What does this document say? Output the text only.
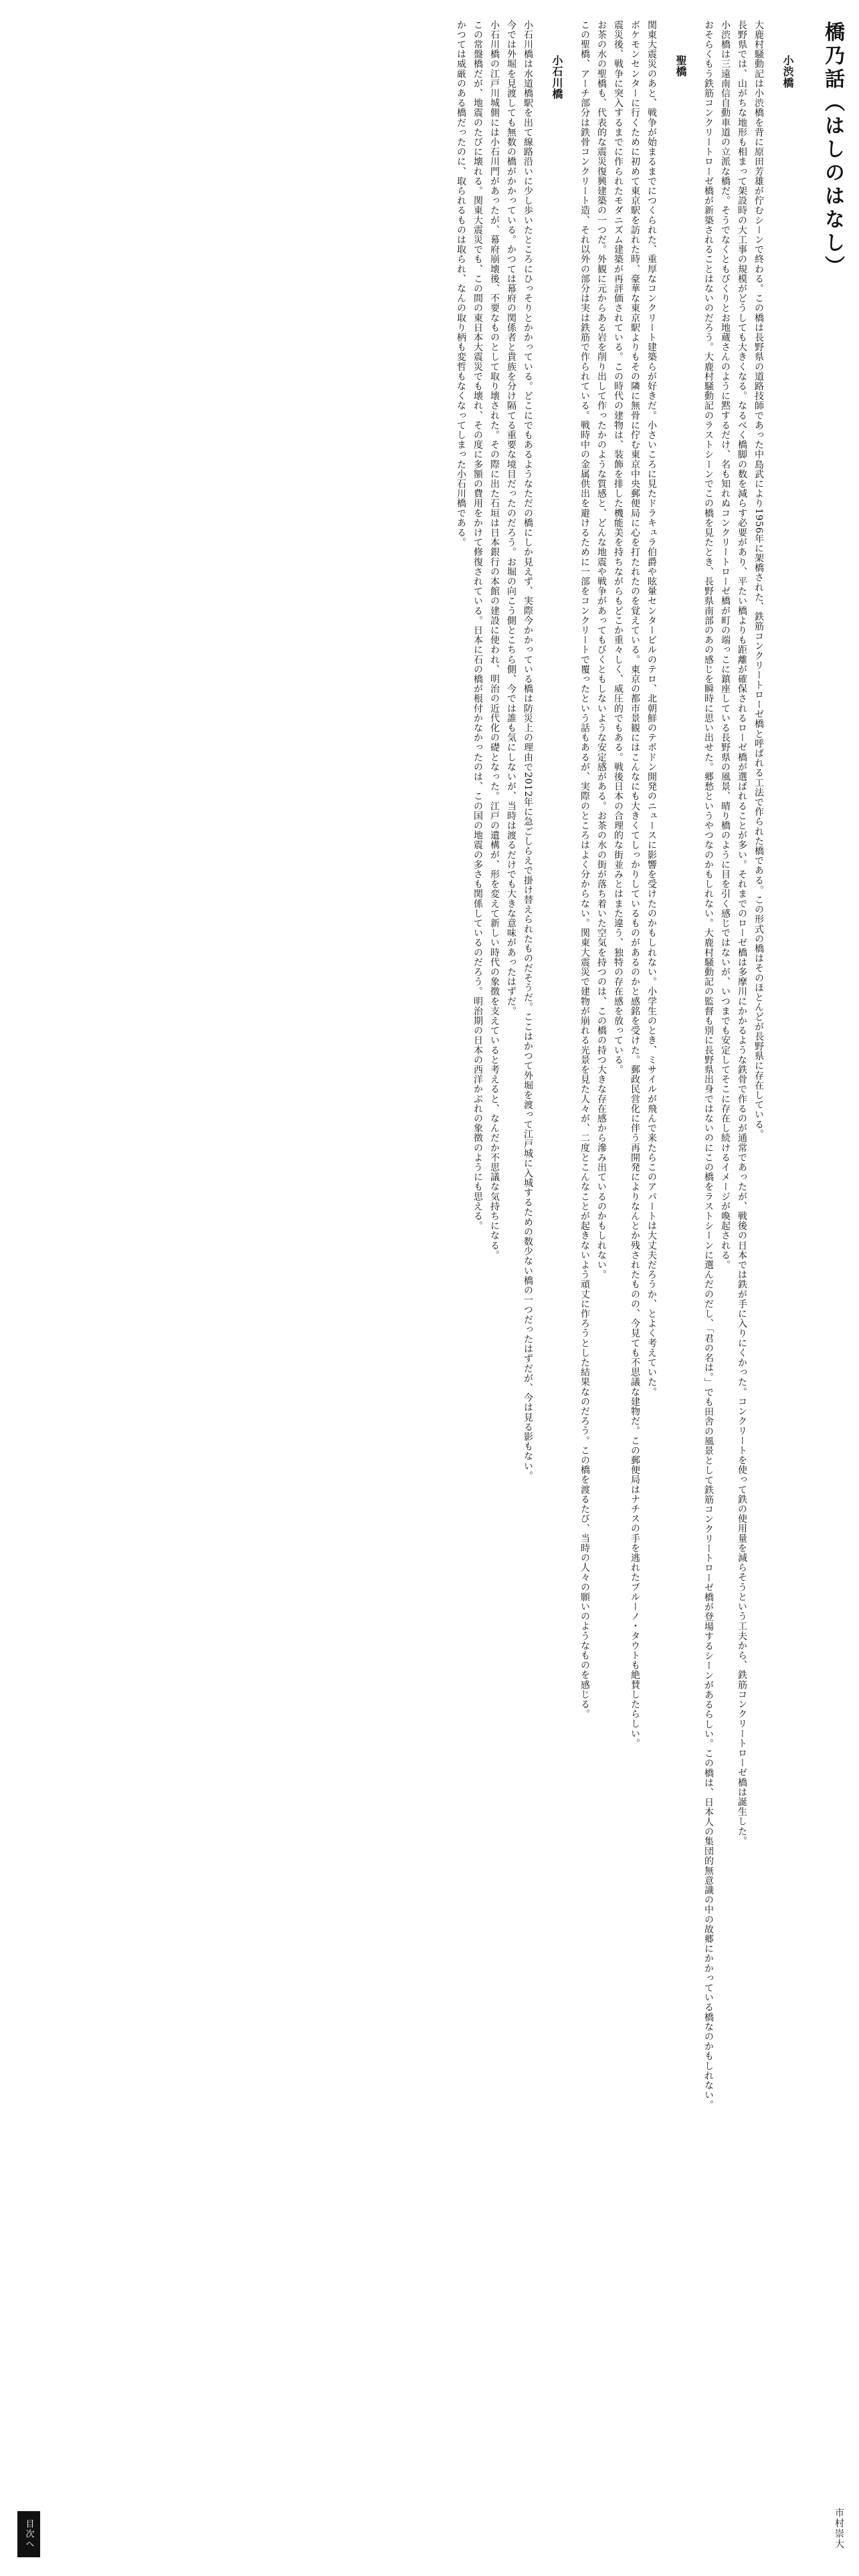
橋乃話（はしのはなし）
小渋橋

大鹿村騒動記は小渋橋を背に原田芳雄が佇むシーンで終わる。この橋は長野県の道路技師であった中島武により1956年に架橋された、鉄筋コンクリートローゼ橋と呼ばれる工法で作られた橋である。この形式の橋はそのほとんどが長野県に存在している。

長野県では、山がちな地形も相まって架設時の大工事の規模がどうしても大きくなる。なるべく橋脚の数を減らす必要があり、平たい橋よりも距離が確保されるローゼ橋が選ばれることが多い。それまでのローゼ橋は多摩川にかかるような鉄骨で作るのが通常であったが、戦後の日本では鉄が手に入りにくかった。コンクリートを使って鉄の使用量を減らそうという工夫から、鉄筋コンクリートローゼ橋は誕生した。

小渋橋は三遠南信自動車道の立派な橋だ。そうでなくともびくりとお地蔵さんのように黙するだけ、名も知れぬコンクリートローゼ橋が町の端っこに鎮座している長野県の風景、晴り橋のように目を引く感じではないが、いつまでも安定してそこに存在し続けるイメージが喚起される。

おそらくもう鉄筋コンクリートローゼ橋が新築されることはないのだろう。大鹿村騒動記のラストシーンでこの橋を見たとき、長野県南部のあの感じを瞬時に思い出せた。郷愁というやつなのかもしれない。大鹿村騒動記の監督も別に長野県出身ではないのにこの橋をラストシーンに選んだのだし、「君の名は。」でも田舎の風景として鉄筋コンクリートローゼ橋が登場するシーンがあるらしい。この橋は、日本人の集団的無意識の中の故郷にかかっている橋なのかもしれない。

聖橋

関東大震災のあと、戦争が始まるまでにつくられた、重厚なコンクリート建築らが好きだ。小さいころに見たドラキュラ伯爵や眩暈センタービルのテロ、北朝鮮のテポドン開発のニュースに影響を受けたのかもしれない。小学生のとき、ミサイルが飛んで来たらこのアパートは大丈夫だろうか、とよく考えていた。

ボケモンセンターに行くために初めて東京駅を訪れた時、豪華な東京駅よりもその隣に無骨に佇む東京中央郵便局に心を打たれたのを覚えている。東京の都市景観にはこんなにも大きくてしっかりしているものがあるのかと感銘を受けた。郵政民営化に伴う再開発によりなんとか残されたものの、今見ても不思議な建物だ。この郵便局はナチスの手を逃れたブルーノ・タウトも絶賛したらしい。

震災後、戦争に突入するまでに作られたモダニズム建築が再評価されている。この時代の建物は、装飾を排した機能美を持ちながらもどこか重々しく、威圧的でもある。戦後日本の合理的な街並みとはまた違う、独特の存在感を放っている。

お茶の水の聖橋も、代表的な震災復興建築の一つだ。外観に元からある岩を削り出して作ったかのような質感と、どんな地震や戦争があってもびくともしないような安定感がある。お茶の水の街が落ち着いた空気を持つのは、この橋の持つ大きな存在感から滲み出ているのかもしれない。

この聖橋、アーチ部分は鉄骨コンクリート造、それ以外の部分は実は鉄筋で作られている。戦時中の金属供出を避けるために一部をコンクリートで覆ったという話もあるが、実際のところはよく分からない。関東大震災で建物が崩れる光景を見た人々が、二度とこんなことが起きないよう頑丈に作ろうとした結果なのだろう。この橋を渡るたび、当時の人々の願いのようなものを感じる。

小石川橋

小石川橋は水道橋駅を出て線路沿いに少し歩いたところにひっそりとかかっている。どこにでもあるようなただの橋にしか見えず、実際今かかっている橋は防災上の理由で2012年に急ごしらえで掛け替えられたものだそうだ。ここはかつて外堀を渡って江戸城に入城するための数少ない橋の一つだったはずだが、今は見る影もない。

今では外堀を見渡しても無数の橋がかかっている。かつては幕府の関係者と貴族を分け隔てる重要な境目だったのだろう。お堀の向こう側とこちら側、今では誰も気にしないが、当時は渡るだけでも大きな意味があったはずだ。

小石川橋の江戸川城側には小石川門があったが、幕府崩壊後、不要なものとして取り壊された。その際に出た石垣は日本銀行の本館の建設に使われ、明治の近代化の礎となった。江戸の遺構が、形を変えて新しい時代の象徴を支えていると考えると、なんだか不思議な気持ちになる。

この常盤橋だが、地震のたびに壊れる。関東大震災でも、この間の東日本大震災でも壊れ、その度に多額の費用をかけて修復されている。日本に石の橋が根付かなかったのは、この国の地震の多さも関係しているのだろう。明治期の日本の西洋かぶれの象徴のようにも思える。

かつては威厳のある橋だったのに、取られるものは取られ、なんの取り柄も変哲もなくなってしまった小石川橋である。

市村崇大
目次へ
